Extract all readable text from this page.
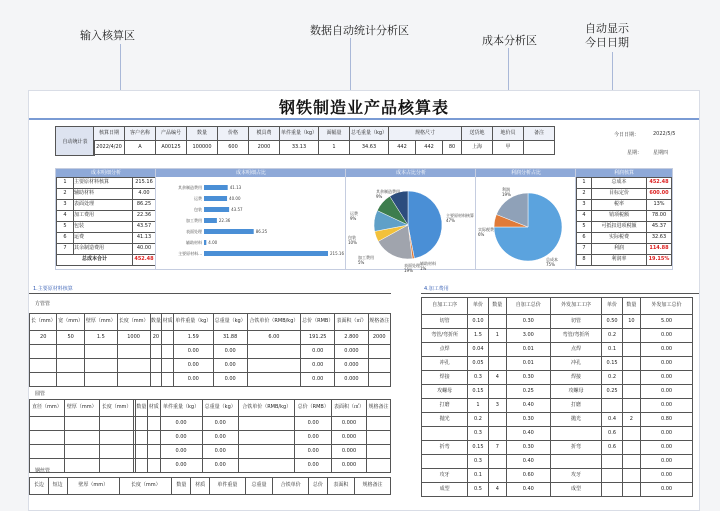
输入核算区	数据自动统计分析区
成本分析区
自动显示
今日日期
钢铁制造业产品核算表
自动统计表
核算日期	客户名称	产品编号	数量	价格	模具费	单件重量（kg）	面幅量	总毛重量（kg）	规格尺寸			送货地	地价员	备注
2022/4/20	A	A00125	100000	600	2000	33.13	1	34.63	442	442	80	上海	甲	
今日日期：	2022/5/5
星期： 星期四
成本明细分析
1	主要原材料核算	215.16
2	辅助材料	4.00
3	表面处理	86.25
4	加工费用	22.36
5	包装	43.57
6	运费	41.13
7	其余制造费用	40.00
总成本合计		452.48
成本明细占比
其余制造费用	41.13
运费	40.00
包装	43.57
加工费用	22.36
表面处理	86.25
辅助材料 4.00
主要原材料...	215.16
成本占比分析
主要原材料核算
47%
表面处理
19%
加工费用
5%
包装
10%
运费
9%
其余制造费用
9%
辅助材料
1%
利润分析占比
总成本
75%
实际税费
6%
利润
19%
利润核算
1	总成本	452.48
2	目标定价	600.00
3	税率	13%
4	销项税额	78.00
5	可抵扣进项税额	45.37
6	实际税费	32.63
7	利润	114.88
8	利润率	19.15%
1.主要原材料核算
方管管
长（mm）	宽（mm）	壁厚（mm）	长度（mm）	数量	材质	单件重量（kg）	总重量（kg）	合铁单价（RMB/kg）	总价（RMB）	表面积（㎡）	规格备注
20	50	1.5	1000	20		1.59	31.88	6.00	191.25	2.800	2000
						0.00	0.00		0.00	0.000	
						0.00	0.00		0.00	0.000	
						0.00	0.00		0.00	0.000	
圆管
直径（mm）	壁厚（mm）	长度（mm）		数量	材质	单件重量（kg）	总重量（kg）	合铁单价（RMB/kg）	总价（RMB）	表面积（㎡）	规格备注
						0.00	0.00		0.00	0.000	
						0.00	0.00		0.00	0.000	
						0.00	0.00		0.00	0.000	
						0.00	0.00		0.00	0.000	
钢丝管
长边	短边	壁厚（mm）	长度（mm）	数量	材质	单件重量	总重量	合铁单价	总价	表面积	规格备注
4.加工费用
自加工工序	单价	数量	自加工总价	外发加工工序	单价	数量	外发加工总价
切管	0.10		0.30	切管	0.50	10	5.00
弯管/弯折所	1.5	1	3.00	弯管/弯折所	0.2		0.00
点焊	0.04		0.01	点焊	0.1		0.00
冲孔	0.05		0.01	冲孔	0.15		0.00
焊接	0.3	4	0.30	焊接	0.2		0.00
攻螺母	0.15		0.25	攻螺母	0.25		0.00
打磨	1	3	0.40	打磨			0.00
抛光	0.2		0.30	抛光	0.4	2	0.80
	0.3		0.40		0.6		0.00
折弯	0.15	7	0.30	折弯	0.6		0.00
	0.3		0.40				0.00
攻牙	0.1		0.60	攻牙			0.00
成型	0.5	4	0.40	成型			0.00
